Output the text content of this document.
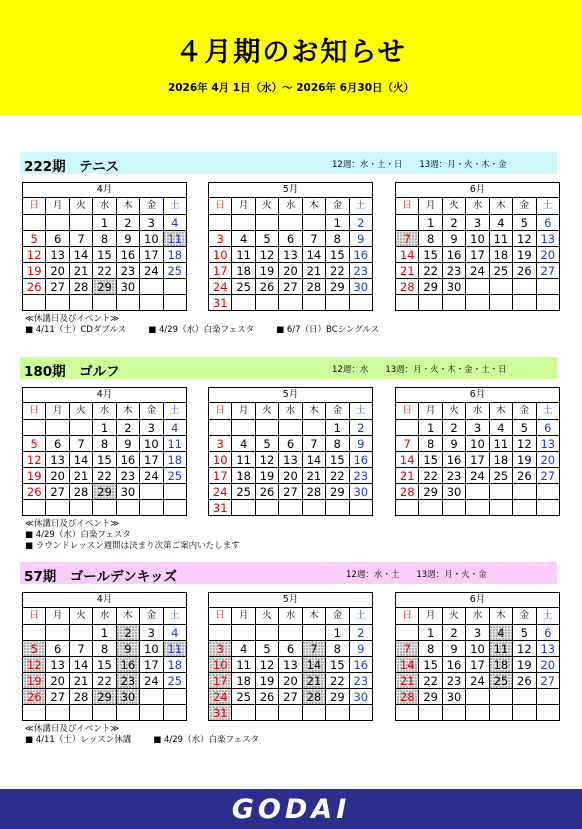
４月期のお知らせ
2026年 4月 1日（水）～ 2026年 6月30日（火）
222期　テニス	12週：水・土・日　　13週：月・火・木・金
4月						
日	月	火	水	木	金	土
			1	2	3	4
5	6	7	8	9	10	11
12	13	14	15	16	17	18
19	20	21	22	23	24	25
26	27	28	29	30		

5月						
日	月	火	水	木	金	土
					1	2
3	4	5	6	7	8	9
10	11	12	13	14	15	16
17	18	19	20	21	22	23
24	25	26	27	28	29	30
31						
6月						
日	月	火	水	木	金	土
	1	2	3	4	5	6
7	8	9	10	11	12	13
14	15	16	17	18	19	20
21	22	23	24	25	26	27
28	29	30				

≪休講日及びイベント≫
■ 4/11（土）CDダブルス	■ 4/29（水）白楽フェスタ	■ 6/7（日）BCシングルス
180期　ゴルフ	12週：水　　13週：月・火・木・金・土・日
4月						
日	月	火	水	木	金	土
			1	2	3	4
5	6	7	8	9	10	11
12	13	14	15	16	17	18
19	20	21	22	23	24	25
26	27	28	29	30		

5月						
日	月	火	水	木	金	土
					1	2
3	4	5	6	7	8	9
10	11	12	13	14	15	16
17	18	19	20	21	22	23
24	25	26	27	28	29	30
31						
6月						
日	月	火	水	木	金	土
	1	2	3	4	5	6
7	8	9	10	11	12	13
14	15	16	17	18	19	20
21	22	23	24	25	26	27
28	29	30				

≪休講日及びイベント≫
■ 4/29（水）白楽フェスタ
■ ラウンドレッスン週間は決まり次第ご案内いたします
57期　ゴールデンキッズ	12週：水・土　　13週：月・火・金
4月						
日	月	火	水	木	金	土
			1	2	3	4
5	6	7	8	9	10	11
12	13	14	15	16	17	18
19	20	21	22	23	24	25
26	27	28	29	30		

5月						
日	月	火	水	木	金	土
					1	2
3	4	5	6	7	8	9
10	11	12	13	14	15	16
17	18	19	20	21	22	23
24	25	26	27	28	29	30
31						
6月						
日	月	火	水	木	金	土
	1	2	3	4	5	6
7	8	9	10	11	12	13
14	15	16	17	18	19	20
21	22	23	24	25	26	27
28	29	30				

≪休講日及びイベント≫
■ 4/11（土）レッスン休講	■ 4/29（水）白楽フェスタ
GODAI
